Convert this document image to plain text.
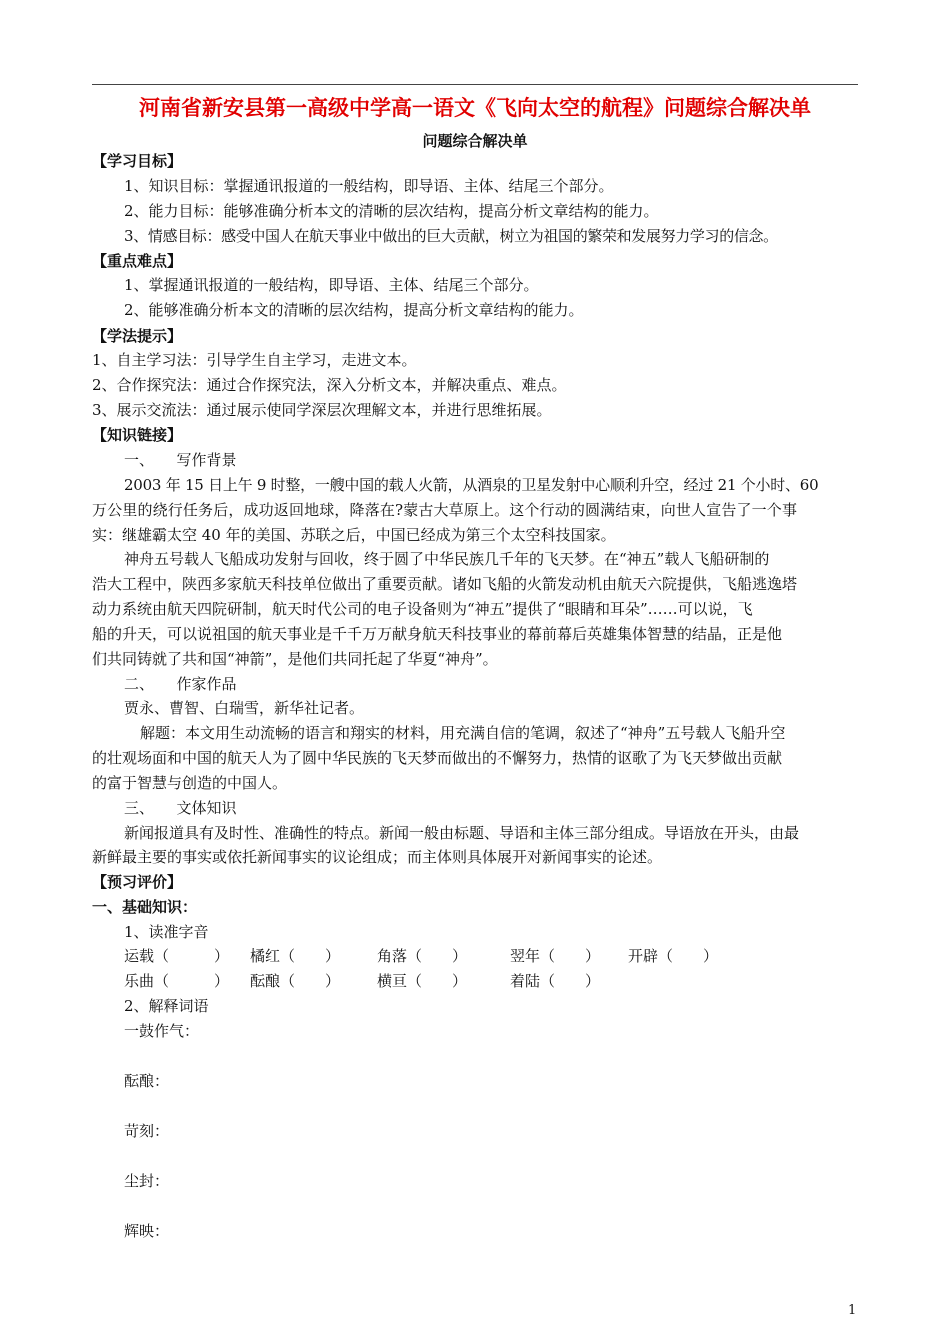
河南省新安县第一高级中学高一语文《飞向太空的航程》问题综合解决单
问题综合解决单
【学习目标】
1、知识目标：掌握通讯报道的一般结构，即导语、主体、结尾三个部分。
2、能力目标：能够准确分析本文的清晰的层次结构，提高分析文章结构的能力。
3、情感目标：感受中国人在航天事业中做出的巨大贡献，树立为祖国的繁荣和发展努力学习的信念。
【重点难点】
1、掌握通讯报道的一般结构，即导语、主体、结尾三个部分。
2、能够准确分析本文的清晰的层次结构，提高分析文章结构的能力。
【学法提示】
1、自主学习法：引导学生自主学习，走进文本。
2、合作探究法：通过合作探究法，深入分析文本，并解决重点、难点。
3、展示交流法：通过展示使同学深层次理解文本，并进行思维拓展。
【知识链接】
一、　　写作背景
2003 年 15 日上午 9 时整，一艘中国的载人火箭，从酒泉的卫星发射中心顺利升空，经过 21 个小时、60
万公里的绕行任务后，成功返回地球，降落在?蒙古大草原上。这个行动的圆满结束，向世人宣告了一个事
实：继雄霸太空 40 年的美国、苏联之后，中国已经成为第三个太空科技国家。
神舟五号载人飞船成功发射与回收，终于圆了中华民族几千年的飞天梦。在“神五”载人飞船研制的
浩大工程中，陕西多家航天科技单位做出了重要贡献。诸如飞船的火箭发动机由航天六院提供，飞船逃逸塔
动力系统由航天四院研制，航天时代公司的电子设备则为“神五”提供了“眼睛和耳朵”……可以说，飞
船的升天，可以说祖国的航天事业是千千万万献身航天科技事业的幕前幕后英雄集体智慧的结晶，正是他
们共同铸就了共和国“神箭”，是他们共同托起了华夏“神舟”。
二、　　作家作品
贾永、曹智、白瑞雪，新华社记者。
解题：本文用生动流畅的语言和翔实的材料，用充满自信的笔调，叙述了“神舟”五号载人飞船升空
的壮观场面和中国的航天人为了圆中华民族的飞天梦而做出的不懈努力，热情的讴歌了为飞天梦做出贡献
的富于智慧与创造的中国人。
三、　　文体知识
新闻报道具有及时性、准确性的特点。新闻一般由标题、导语和主体三部分组成。导语放在开头，由最
新鲜最主要的事实或依托新闻事实的议论组成；而主体则具体展开对新闻事实的论述。
【预习评价】
一、基础知识：
1、读准字音
运载（　　　） 橘红（　　） 角落（　　）	翌年（　　） 开辟（　　）
乐曲（　　　） 酝酿（　　） 横亘（　　）	着陆（　　）
2、解释词语
一鼓作气：
酝酿：
苛刻：
尘封：
辉映：
1
